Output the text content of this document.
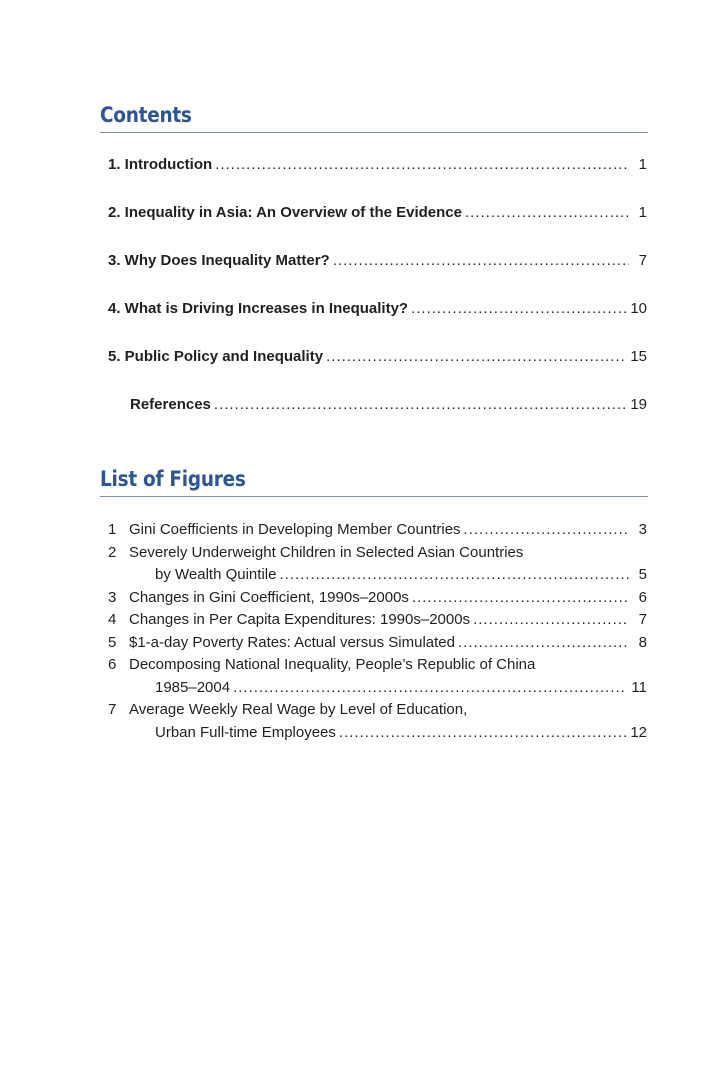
Contents
1. Introduction .....	1
2. Inequality in Asia: An Overview of the Evidence .....	1
3. Why Does Inequality Matter? .....	7
4. What is Driving Increases in Inequality? .....	10
5. Public Policy and Inequality .....	15
References .....	19
List of Figures
1 Gini Coefficients in Developing Member Countries .....	3
2 Severely Underweight Children in Selected Asian Countries
by Wealth Quintile .....	5
3 Changes in Gini Coefficient, 1990s–2000s .....	6
4 Changes in Per Capita Expenditures: 1990s–2000s .....	7
5 $1-a-day Poverty Rates: Actual versus Simulated .....	8
6 Decomposing National Inequality, People’s Republic of China
1985–2004 .....	11
7 Average Weekly Real Wage by Level of Education,
Urban Full-time Employees .....	12
